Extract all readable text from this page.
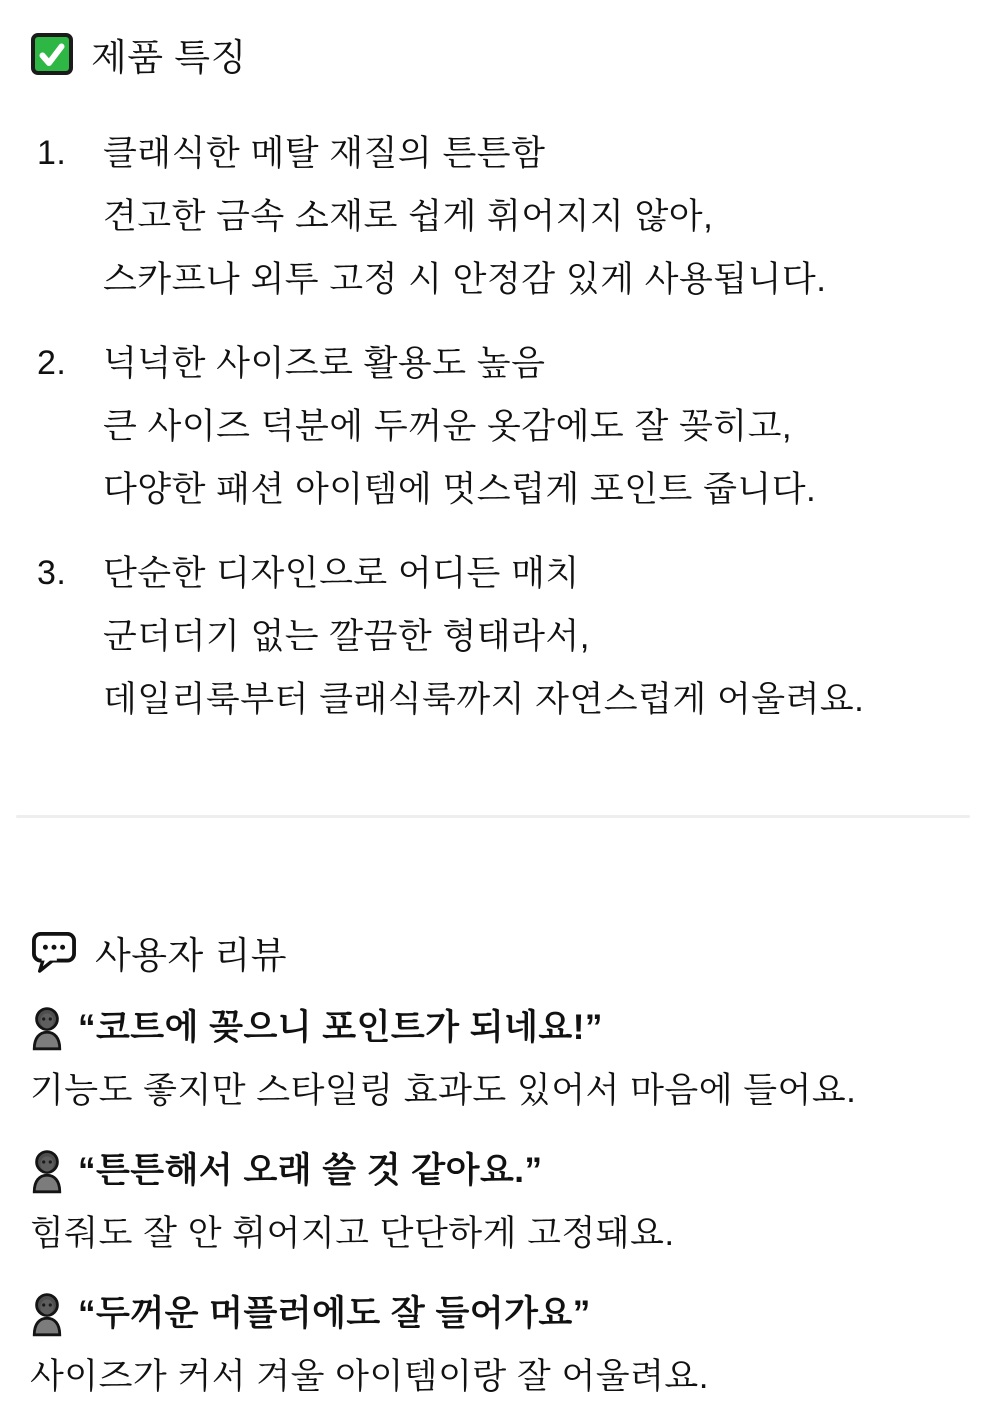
제품 특징
1. 클래식한 메탈 재질의 튼튼함
견고한 금속 소재로 쉽게 휘어지지 않아,
스카프나 외투 고정 시 안정감 있게 사용됩니다.
2. 넉넉한 사이즈로 활용도 높음
큰 사이즈 덕분에 두꺼운 옷감에도 잘 꽂히고,
다양한 패션 아이템에 멋스럽게 포인트 줍니다.
3. 단순한 디자인으로 어디든 매치
군더더기 없는 깔끔한 형태라서,
데일리룩부터 클래식룩까지 자연스럽게 어울려요.
사용자 리뷰

“코트에 꽂으니 포인트가 되네요!”

기능도 좋지만 스타일링 효과도 있어서 마음에 들어요.

“튼튼해서 오래 쓸 것 같아요.”

힘줘도 잘 안 휘어지고 단단하게 고정돼요.

“두꺼운 머플러에도 잘 들어가요”

사이즈가 커서 겨울 아이템이랑 잘 어울려요.
